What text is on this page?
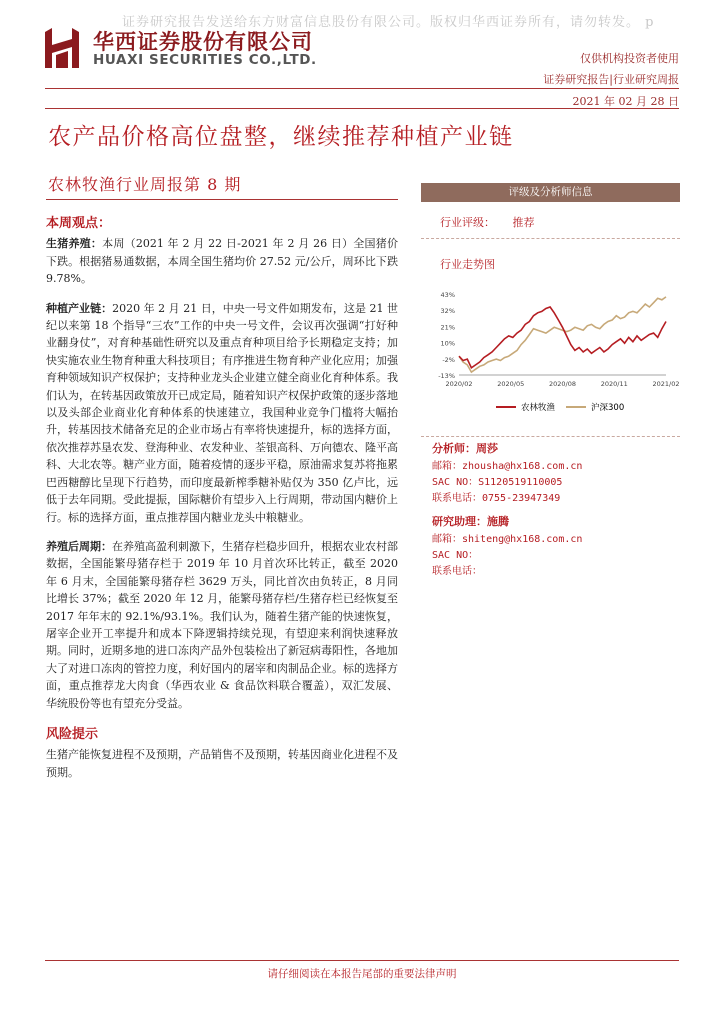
证券研究报告发送给东方财富信息股份有限公司。版权归华西证券所有，请勿转发。 p
华西证券股份有限公司
HUAXI SECURITIES CO.,LTD.	仅供机构投资者使用
证券研究报告|行业研究周报
2021 年 02 月 28 日
农产品价格高位盘整，继续推荐种植产业链
农林牧渔行业周报第 8 期
本周观点：

生猪养殖：本周（2021 年 2 月 22 日-2021 年 2 月 26 日）全国猪价下跌。根据猪易通数据，本周全国生猪均价 27.52 元/公斤，周环比下跌 9.78%。

种植产业链：2020 年 2 月 21 日，中央一号文件如期发布，这是 21 世纪以来第 18 个指导“三农”工作的中央一号文件，会议再次强调“打好种业翻身仗”，对育种基础性研究以及重点育种项目给予长期稳定支持；加快实施农业生物育种重大科技项目；有序推进生物育种产业化应用；加强育种领域知识产权保护；支持种业龙头企业建立健全商业化育种体系。我们认为，在转基因政策放开已成定局，随着知识产权保护政策的逐步落地以及头部企业商业化育种体系的快速建立，我国种业竞争门槛将大幅抬升，转基因技术储备充足的企业市场占有率将快速提升，标的选择方面，依次推荐苏垦农发、登海种业、农发种业、荃银高科、万向德农、隆平高科、大北农等。糖产业方面，随着疫情的逐步平稳，原油需求复苏将拖累巴西糖醇比呈现下行趋势，而印度最新榨季糖补贴仅为 350 亿卢比，远低于去年同期。受此提振，国际糖价有望步入上行周期，带动国内糖价上行。标的选择方面，重点推荐国内糖业龙头中粮糖业。

养殖后周期：在养殖高盈利刺激下，生猪存栏稳步回升，根据农业农村部数据，全国能繁母猪存栏于 2019 年 10 月首次环比转正，截至 2020 年 6 月末，全国能繁母猪存栏 3629 万头，同比首次由负转正，8 月同比增长 37%；截至 2020 年 12 月，能繁母猪存栏/生猪存栏已经恢复至 2017 年年末的 92.1%/93.1%。我们认为，随着生猪产能的快速恢复，屠宰企业开工率提升和成本下降逻辑持续兑现，有望迎来利润快速释放期。同时，近期多地的进口冻肉产品外包装检出了新冠病毒阳性，各地加大了对进口冻肉的管控力度，利好国内的屠宰和肉制品企业。标的选择方面，重点推荐龙大肉食（华西农业 & 食品饮料联合覆盖），双汇发展、华统股份等也有望充分受益。

风险提示

生猪产能恢复进程不及预期，产品销售不及预期，转基因商业化进程不及预期。

评级及分析师信息
行业评级： 推荐
行业走势图
43%
32%
21%
10%
-2%
-13%
2020/02	2020/05	2020/08	2020/11	2021/02
农林牧渔	沪深300
分析师：周莎
邮箱：zhousha@hx168.com.cn
SAC NO：S1120519110005
联系电话：0755-23947349
研究助理：施腾
邮箱：shiteng@hx168.com.cn
SAC NO：
联系电话：
请仔细阅读在本报告尾部的重要法律声明
